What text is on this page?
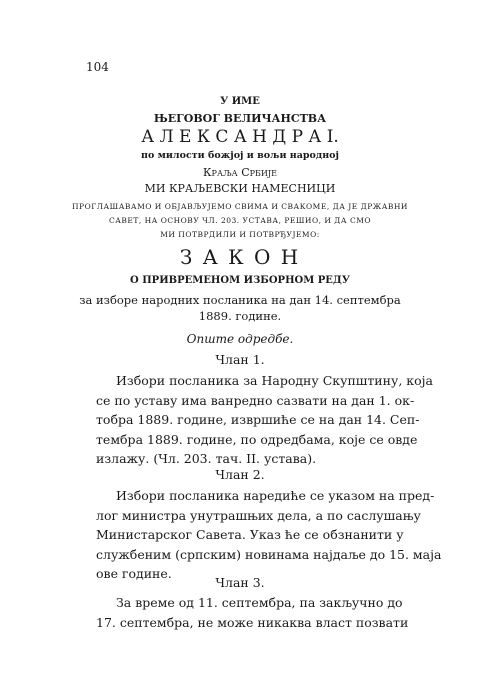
104
У ИМЕ
ЊЕГОВОГ ВЕЛИЧАНСТВА
А Л Е К С А Н Д Р А I.
по милости божјој и вољи народној
Краља Србије
МИ КРАЉЕВСКИ НАМЕСНИЦИ
ПРОГЛАШАВАМО И ОБЈАВЉУЈЕМО СВИМА И СВАКОМЕ, ДА ЈЕ ДРЖАВНИ
САВЕТ, НА ОСНОВУ ЧЛ. 203. УСТАВА, РЕШИО, И ДА СМО
МИ ПОТВРДИЛИ И ПОТВРЂУЈЕМО:
З А К О Н
О ПРИВРЕМЕНОМ ИЗБОРНОМ РЕДУ
за изборе народних посланика на дан 14. септембра
1889. године.
Опште одредбе.
Члан 1.
Избори посланика за Народну Скупштину, која
се по уставу има ванредно сазвати на дан 1. ок-
тобра 1889. године, извршиће се на дан 14. Сеп-
тембра 1889. године, по одредбама, које се овде
излажу. (Чл. 203. тач. II. устава).
Члан 2.
Избори посланика наредиће се указом на пред-
лог министра унутрашњих дела, а по саслушању
Министарског Савета. Указ ће се обзнанити у
службеним (српским) новинама најдаље до 15. маја
ове године.
Члан 3.
За време од 11. септембра, па закључно до
17. септембра, не може никаква власт позвати
